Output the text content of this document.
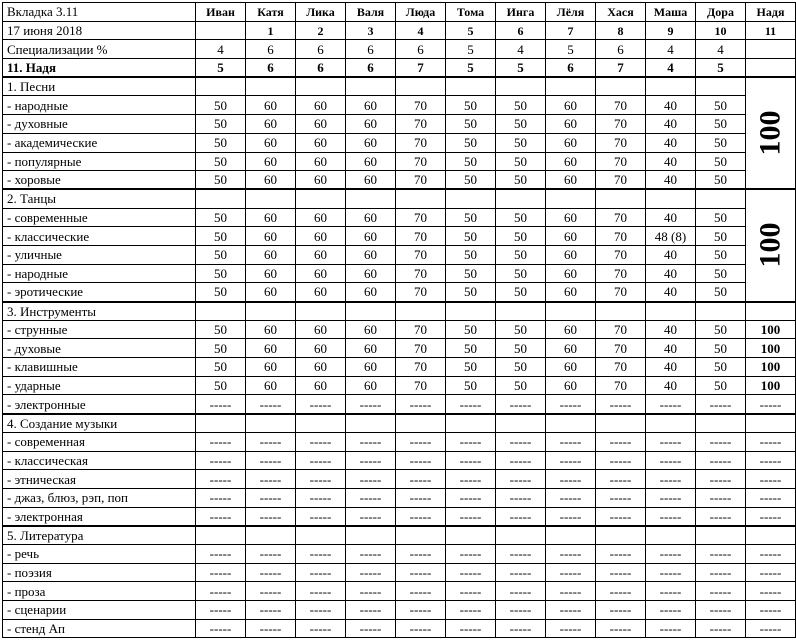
Вкладка 3.11	Иван	Катя	Лика	Валя	Люда	Тома	Инга	Лёля	Хася	Маша	Дора	Надя
17 июня 2018		1	2	3	4	5	6	7	8	9	10	11
Специализации %	4	6	6	6	6	5	4	5	6	4	4	
11. Надя	5	6	6	6	7	5	5	6	7	4	5	
1. Песни												100
- народные	50	60	60	60	70	50	50	60	70	40	50	
- духовные	50	60	60	60	70	50	50	60	70	40	50	
- академические	50	60	60	60	70	50	50	60	70	40	50	
- популярные	50	60	60	60	70	50	50	60	70	40	50	
- хоровые	50	60	60	60	70	50	50	60	70	40	50	
2. Танцы												100
- современные	50	60	60	60	70	50	50	60	70	40	50	
- классические	50	60	60	60	70	50	50	60	70	48 (8)	50	
- уличные	50	60	60	60	70	50	50	60	70	40	50	
- народные	50	60	60	60	70	50	50	60	70	40	50	
- эротические	50	60	60	60	70	50	50	60	70	40	50	
3. Инструменты												
- струнные	50	60	60	60	70	50	50	60	70	40	50	100
- духовые	50	60	60	60	70	50	50	60	70	40	50	100
- клавишные	50	60	60	60	70	50	50	60	70	40	50	100
- ударные	50	60	60	60	70	50	50	60	70	40	50	100
- электронные	-----	-----	-----	-----	-----	-----	-----	-----	-----	-----	-----	-----
4. Создание музыки												
- современная	-----	-----	-----	-----	-----	-----	-----	-----	-----	-----	-----	-----
- классическая	-----	-----	-----	-----	-----	-----	-----	-----	-----	-----	-----	-----
- этническая	-----	-----	-----	-----	-----	-----	-----	-----	-----	-----	-----	-----
- джаз, блюз, рэп, поп	-----	-----	-----	-----	-----	-----	-----	-----	-----	-----	-----	-----
- электронная	-----	-----	-----	-----	-----	-----	-----	-----	-----	-----	-----	-----
5. Литература												
- речь	-----	-----	-----	-----	-----	-----	-----	-----	-----	-----	-----	-----
- поэзия	-----	-----	-----	-----	-----	-----	-----	-----	-----	-----	-----	-----
- проза	-----	-----	-----	-----	-----	-----	-----	-----	-----	-----	-----	-----
- сценарии	-----	-----	-----	-----	-----	-----	-----	-----	-----	-----	-----	-----
- стенд Ап	-----	-----	-----	-----	-----	-----	-----	-----	-----	-----	-----	-----
